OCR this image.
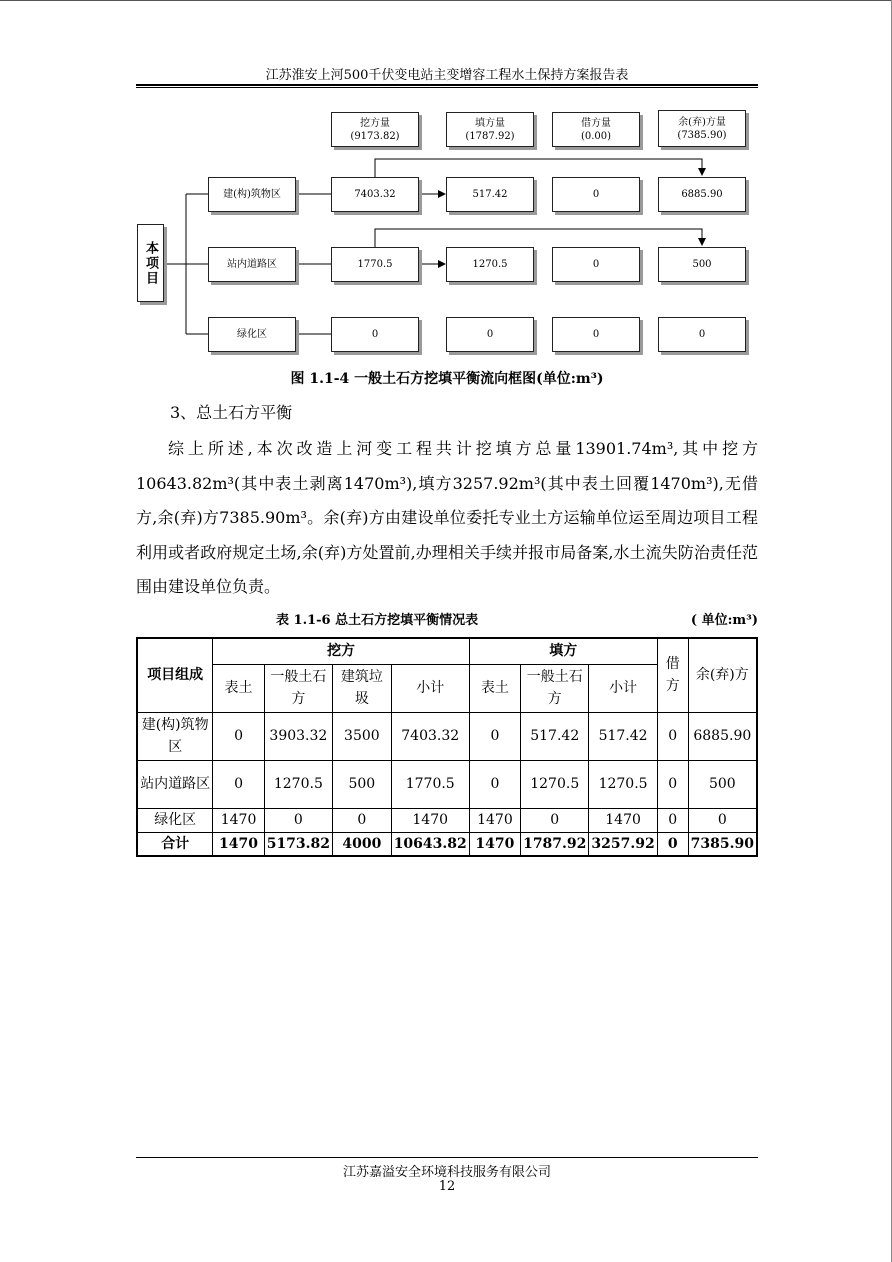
江苏淮安上河500千伏变电站主变增容工程水土保持方案报告表
本项目
挖方量
(9173.82)
填方量
(1787.92)
借方量
(0.00)
余(弃)方量
(7385.90)
建(构)筑物区	7403.32	517.42	0	6885.90
站内道路区	1770.5	1270.5	0	500
绿化区	0	0	0	0
图 1.1-4 一般土石方挖填平衡流向框图(单位:m³)
3、总土石方平衡

综上所述,本次改造上河变工程共计挖填方总量13901.74m³,其中挖方10643.82m³(其中表土剥离1470m³),填方3257.92m³(其中表土回覆1470m³),无借方,余(弃)方7385.90m³。余(弃)方由建设单位委托专业土方运输单位运至周边项目工程利用或者政府规定土场,余(弃)方处置前,办理相关手续并报市局备案,水土流失防治责任范围由建设单位负责。

表 1.1-6 总土石方挖填平衡情况表	( 单位:m³)
项目组成	挖方				填方			借方	余(弃)方
	表土	一般土石方	建筑垃圾	小计	表土	一般土石方	小计		
建(构)筑物区	0	3903.32	3500	7403.32	0	517.42	517.42	0	6885.90
站内道路区	0	1270.5	500	1770.5	0	1270.5	1270.5	0	500
绿化区	1470	0	0	1470	1470	0	1470	0	0
合计	1470	5173.82	4000	10643.82	1470	1787.92	3257.92	0	7385.90
江苏嘉溢安全环境科技服务有限公司
12
